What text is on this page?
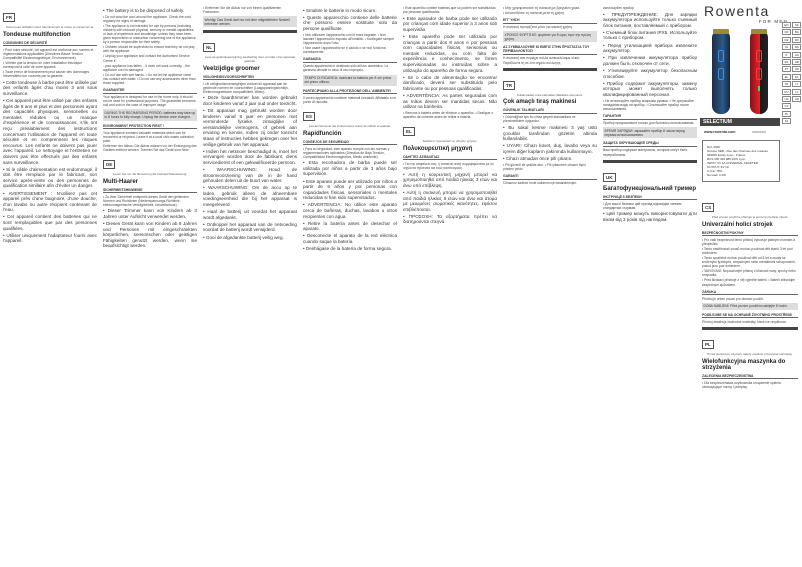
FR
Avant toute utilisation lisez attentivement la notice et conservez-la.
Tondeuse multifonction
CONSIGNES DE SÉCURITÉ
• Pour votre sécurité, cet appareil est conforme aux normes et réglementations applicables (Directives Basse Tension, Compatibilité Electromagnétique, Environnement).
• Vérifiez que la tension de votre installation électrique correspond à celle de votre appareil.
• Toute erreur de branchement peut causer des dommages irréversibles non couverts par la garantie.
• Cette tondeuse à barbe peut être utilisée par des enfants âgés d’au moins 3 ans sous surveillance.
• Cet appareil peut être utilisé par des enfants âgés de 8 ans et plus et des personnes ayant des capacités physiques, sensorielles ou mentales réduites ou un manque d’expérience et de connaissances, s’ils ont reçu préalablement des instructions concernant l’utilisation de l’appareil en toute sécurité et en comprennent les risques encourus. Les enfants ne doivent pas jouer avec l’appareil. Le nettoyage et l’entretien ne doivent pas être effectués par des enfants sans surveillance.
• Si le câble d’alimentation est endommagé, il doit être remplacé par le fabricant, son service après-vente ou des personnes de qualification similaire afin d’éviter un danger.
• AVERTISSEMENT : N’utilisez pas cet appareil près d’une baignoire, d’une douche, d’un lavabo ou autre récipient contenant de l’eau.
• Cet appareil contient des batteries qui ne sont remplaçables que par des personnes qualifiées.
• Utiliser uniquement l’adaptateur fourni avec l’appareil.
• The battery is to be disposed of safely.
• Do not wind the cord around the appliance. Check the cord regularly for signs of damage.
• The appliance is not intended for use by persons (including children) with reduced physical, sensory or mental capabilities, or lack of experience and knowledge, unless they have been given supervision or instruction concerning use of the appliance by a person responsible for their safety.
• Children should be supervised to ensure that they do not play with the appliance.
• Unplug your appliance and contact the Authorised Service Centre if:
- your appliance has fallen, - it does not work correctly, - the appliance cord is damaged.
• Do not use with wet hands. • Do not let the appliance come into contact with water. • Do not use any accessories other than those supplied.
GUARANTEE
Your appliance is designed for use in the home only. It should not be used for professional purposes. The guarantee becomes null and void in the case of improper usage.
DURING THE RECHARGING PERIOD: batteries may take up to 8 hours to fully charge. Unplug the device once charged.
ENVIRONMENT PROTECTION FIRST !
Your appliance contains valuable materials which can be recovered or recycled. Leave it at a local civic waste collection point.
Entfernen der Akkus: Die Akkus müssen vor der Entsorgung des Gerätes entfernt werden. Trennen Sie das Gerät vom Netz.
DE
Lesen Sie vor der Benutzung die Gebrauchsanweisung.
Multi-Haarer
SICHERHEITSHINWEISE
• Zu Ihrer Sicherheit entspricht dieses Gerät den geltenden Normen und Richtlinien (Niederspannungs-Richtlinie, elektromagnetische Verträglichkeit, Umweltschutz).
• Dieser Trimmer kann von Kindern ab 3 Jahren unter Aufsicht verwendet werden.
• Dieses Gerät kann von Kindern ab 8 Jahren und Personen mit eingeschränkten körperlichen, sensorischen oder geistigen Fähigkeiten genutzt werden, wenn sie beaufsichtigt werden.
• Entfernen Sie die Akkus nur von einem qualifizierten Fachmann.
Wichtig: Das Gerät darf nur mit dem mitgelieferten Netzteil betrieben werden.
NL
Lees de gebruiksaanwijzing aandachtig door voordat u het apparaat gebruikt.
Veelzijdige groomer
VEILIGHEIDSVOORSCHRIFTEN
• Uit veiligheidsoverwegingen voldoet dit apparaat aan de geldende normen en voorschriften (Laagspanningsrichtlijn, Elektromagnetische compatibiliteit, Milieu).
• Deze baardtrimmer kan worden gebruikt door kinderen vanaf 3 jaar oud onder toezicht.
• Dit apparaat mag gebruikt worden door kinderen vanaf 8 jaar en personen met verminderde fysieke, zintuiglijke of verstandelijke vermogens, of gebrek aan ervaring en kennis, indien zij onder toezicht staan of instructies hebben gekregen over het veilige gebruik van het apparaat.
• Indien het netsnoer beschadigd is, moet het vervangen worden door de fabrikant, diens servicedienst of een gekwalificeerde persoon.
• WAARSCHUWING: Houd de stroomvoorziening van de in de hand gehouden delen uit de buurt van water.
• WAARSCHUWING: Om de accu op te laden, gebruik alleen de afneembare voedingseenheid die bij het apparaat is meegeleverd.
• Haal de batterij uit voordat het apparaat wordt afgedankt.
• Ontkoppel het apparaat van de netvoeding voordat de batterij wordt verwijderd.
• Gooi de afgedankte batterij veilig weg.
• Smaltire le batterie in modo sicuro.
• Questo apparecchio contiene delle batterie che possono essere sostituite solo da persone qualificate.
• Non utilizzare l’apparecchio con le mani bagnate. • Non lasciare l’apparecchio esposto all’umidità. • Scollegare sempre l’apparecchio dopo l’uso.
• Non usare l’apparecchio se è caduto o se non funziona correttamente.
GARANZIA
Questo apparecchio è destinato solo all’uso domestico. La garanzia decade in caso di uso improprio.
TEMPO DI RICARICA: ricaricare la batteria per 8 ore prima del primo utilizzo.
PARTECIPIAMO ALLA PROTEZIONE DELL’AMBIENTE!
Il vostro apparecchio contiene materiali riciclabili. Affidatelo a un punto di raccolta.
ES
Lea atentamente las instrucciones antes de utilizar el aparato.
Rapidfunción
CONSEJOS DE SEGURIDAD
• Para su seguridad, este aparato cumple con las normas y reglamentaciones aplicables (Directiva de Baja Tensión, Compatibilidad Electromagnética, Medio ambiente).
• Esta recortadora de barba puede ser utilizada por niños a partir de 3 años bajo supervisión.
• Este aparato puede ser utilizado por niños a partir de 8 años y por personas con capacidades físicas, sensoriales o mentales reducidas si han sido supervisados.
• ADVERTENCIA: No utilice este aparato cerca de bañeras, duchas, lavabos u otros recipientes con agua.
• Retire la batería antes de desechar el aparato.
• Desconecte el aparato de la red eléctrica cuando saque la batería.
• Deshágase de la batería de forma segura.
• Este aparelho contém baterias que só podem ser substituídas por pessoas qualificadas.
• Este aparador de barba pode ser utilizado por crianças com idade superior a 3 anos sob supervisão.
• Este aparelho pode ser utilizado por crianças a partir dos 8 anos e por pessoas com capacidades físicas, sensoriais ou mentais reduzidas, ou com falta de experiência e conhecimento, se forem supervisionadas ou instruídas sobre a utilização do aparelho de forma segura.
• Se o cabo de alimentação se encontrar danificado, deverá ser substituído pelo fabricante ou por pessoas qualificadas.
• ADVERTÊNCIA: As partes seguradas com as mãos devem ser mantidas secas. Não utilizar na banheira.
• Remova a bateria antes de eliminar o aparelho. • Desligue o aparelho da corrente antes de retirar a bateria.
EL
Διαβάστε προσεκτικά τις οδηγίες χρήσης.
Πολυκουρευτική μηχανή
ΟΔΗΓΊΕΣ ΑΣΦΑΛΕΊΑΣ
• Για την ασφάλειά σας, η συσκευή αυτή συμμορφώνεται με τα ισχύοντα πρότυπα και τους κανονισμούς.
• Αυτή η κουρευτική μηχανή μπορεί να χρησιμοποιηθεί από παιδιά ηλικίας 3 ετών και άνω υπό επίβλεψη.
• Αυτή η συσκευή μπορεί να χρησιμοποιηθεί από παιδιά ηλικίας 8 ετών και άνω και άτομα με μειωμένες σωματικές ικανότητες, εφόσον επιβλέπονται.
• ΠΡΟΣΟΧΗ: Τα εξαρτήματα πρέπει να διατηρούνται στεγνά.
• Μην χρησιμοποιείτε τη συσκευή με βρεγμένα χέρια.
• Αποσυνδέστε τη συσκευή μετά τη χρήση.
ΕΓΓΎΗΣΗ
Η συσκευή προορίζεται μόνο για οικιακή χρήση.
ΧΡΟΝΟΣ ΦΟΡΤΙΣΗΣ: φορτίστε για 8 ώρες πριν την πρώτη χρήση.
ΑΣ ΣΥΜΒΆΛΛΟΥΜΕ ΚΙ ΕΜΕΊΣ ΣΤΗΝ ΠΡΟΣΤΑΣΊΑ ΤΟΥ ΠΕΡΙΒΆΛΛΟΝΤΟΣ!
Η συσκευή σας περιέχει πολλά ανακυκλώσιμα υλικά. Παραδώστε τη σε ένα σημείο συλλογής.
TR
Kullanmadan önce talimatları dikkatlice okuyunuz.
Çok amaçlı tıraş makinesi
GÜVENLIK TALIMATLARI
• Güvenliğiniz için bu cihaz geçerli standartlara ve yönetmeliklere uygundur.
• Bu sakal kesme makinesi 3 yaş üstü çocuklar tarafından gözetim altında kullanılabilir.
• UYARI: Cihazı küvet, duş, lavabo veya su içeren diğer kapların yakınında kullanmayın.
• Cihazı atmadan önce pili çıkarın.
• Pili güvenli bir şekilde atın. • Pili çıkarırken cihazın fişini prizden çekin.
GARANTI
Cihazınız sadece evde kullanım için tasarlanmıştır.
используйте прибор.
• ПРЕДУПРЕЖДЕНИЕ: Для зарядки аккумулятора используйте только съемный блок питания, поставляемый с прибором.
• Съемный блок питания IPX5. Используйте только с прибором.
• Перед утилизацией прибора извлеките аккумулятор.
• При извлечении аккумулятора прибор должен быть отключен от сети.
• Утилизируйте аккумулятор безопасным способом.
• Прибор содержит аккумуляторы, замену которых может выполнять только квалифицированный персонал.
• Не используйте прибор мокрыми руками. • Не допускайте попадания воды на прибор. • Отключайте прибор после использования.
ГАРАНТИЯ
Прибор предназначен только для бытового использования.
ВРЕМЯ ЗАРЯДКИ: заряжайте прибор 8 часов перед первым использованием.
ЗАЩИТА ОКРУЖАЮЩЕЙ СРЕДЫ
Ваш прибор содержит материалы, которые могут быть переработаны.
UK
Багатофункціональний тример
ІНСТРУКЦІЇ З БЕЗПЕКИ
• Для вашої безпеки цей прилад відповідає чинним стандартам і нормам.
• Цей тример можуть використовувати діти віком від 3 років під наглядом.
Rowenta
FOR MEN
EN	SK
FR	BG
DE	RO
NL	BS
IT	HU
ES	HR
PT	SR
EL	ET
TR	LT
RU	LV
UK	AR
CS
PL
FA
SELECTIUM
www.rowenta.com	1800000000
Ref. 0000
Groupe SEB - Rue des Charmes des rosaires
069000 Ecully-Lyon - France
RCS 300 349 985 RCS Lyon
INPUT: 5V 1A UNIVERSAL ADAPTER
OUTPUT: 5V 1A
A.A.E: 75%
No load: 0.1W
CS
Před prvním použitím přístroje si pozorně přečtěte návod.
Univerzální holicí strojek
BEZPEČNOSTNÍ POKYNY
• Pro vaši bezpečnost tento přístroj vyhovuje platným normám a předpisům.
• Tento zastřihovač vousů mohou používat děti starší 3 let pod dohledem.
• Tento spotřebič mohou používat děti od 8 let a osoby se sníženými fyzickými, smyslovými nebo mentálními schopnostmi, pokud jsou pod dohledem.
• VAROVÁNÍ: Nepoužívejte přístroj v blízkosti vany, sprchy nebo umyvadla.
• Před likvidací přístroje z něj vyjměte baterii. • Baterii zlikvidujte bezpečným způsobem.
ZÁRUKA
Přístroj je určen pouze pro domácí použití.
DOBA NABÍJENÍ: Před prvním použitím nabíjejte 8 hodin.
PODÍLEJME SE NA OCHRANĚ ŽIVOTNÍHO PROSTŘEDÍ!
Přístroj obsahuje hodnotné materiály, které lze recyklovat.
PL
Przed pierwszym użyciem należy uważnie przeczytać instrukcję.
Wielofunkcyjna maszynka do strzyżenia
ZALECENIA BEZPIECZEŃSTWA
• Dla bezpieczeństwa użytkownika urządzenie spełnia obowiązujące normy i przepisy.
